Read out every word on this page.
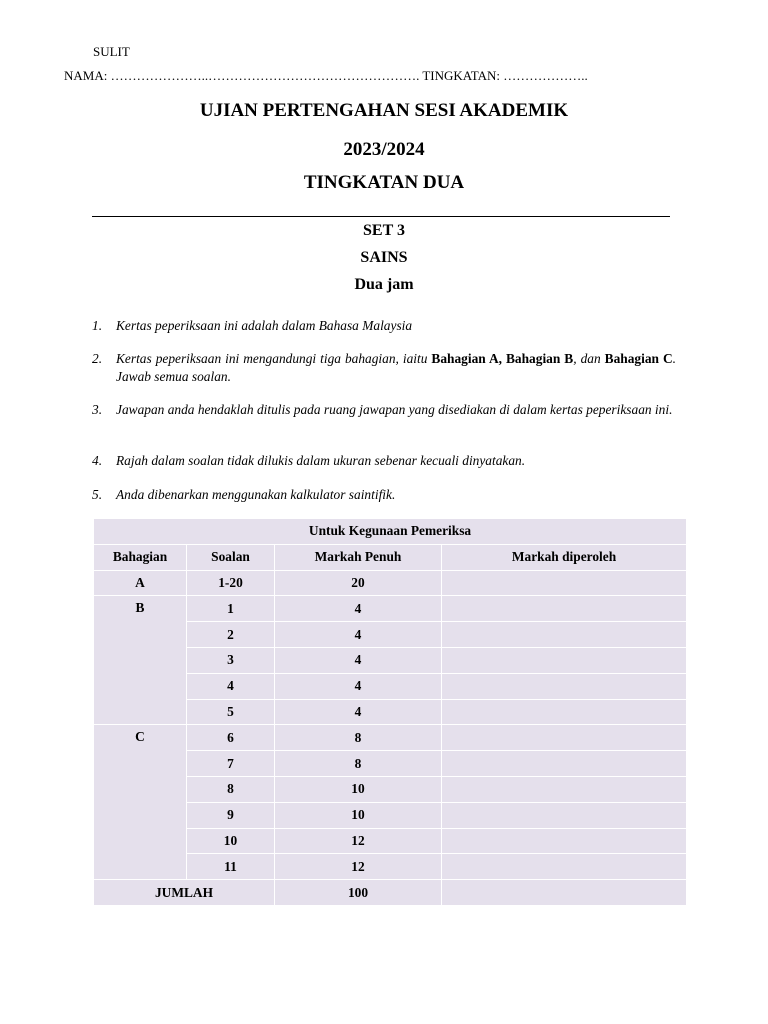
SULIT
NAMA: …………………..…………………………………………. TINGKATAN: ………………..
UJIAN PERTENGAHAN SESI AKADEMIK
2023/2024
TINGKATAN DUA
SET 3
SAINS
Dua jam
1. Kertas peperiksaan ini adalah dalam Bahasa Malaysia
2. Kertas peperiksaan ini mengandungi tiga bahagian, iaitu Bahagian A, Bahagian B, dan Bahagian C. Jawab semua soalan.
3. Jawapan anda hendaklah ditulis pada ruang jawapan yang disediakan di dalam kertas peperiksaan ini.
4. Rajah dalam soalan tidak dilukis dalam ukuran sebenar kecuali dinyatakan.
5. Anda dibenarkan menggunakan kalkulator saintifik.
Untuk Kegunaan Pemeriksa			
Bahagian	Soalan	Markah Penuh	Markah diperoleh
A	1-20	20	
B	1	4	
	2	4	
	3	4	
	4	4	
	5	4	
C	6	8	
	7	8	
	8	10	
	9	10	
	10	12	
	11	12	
JUMLAH		100	
